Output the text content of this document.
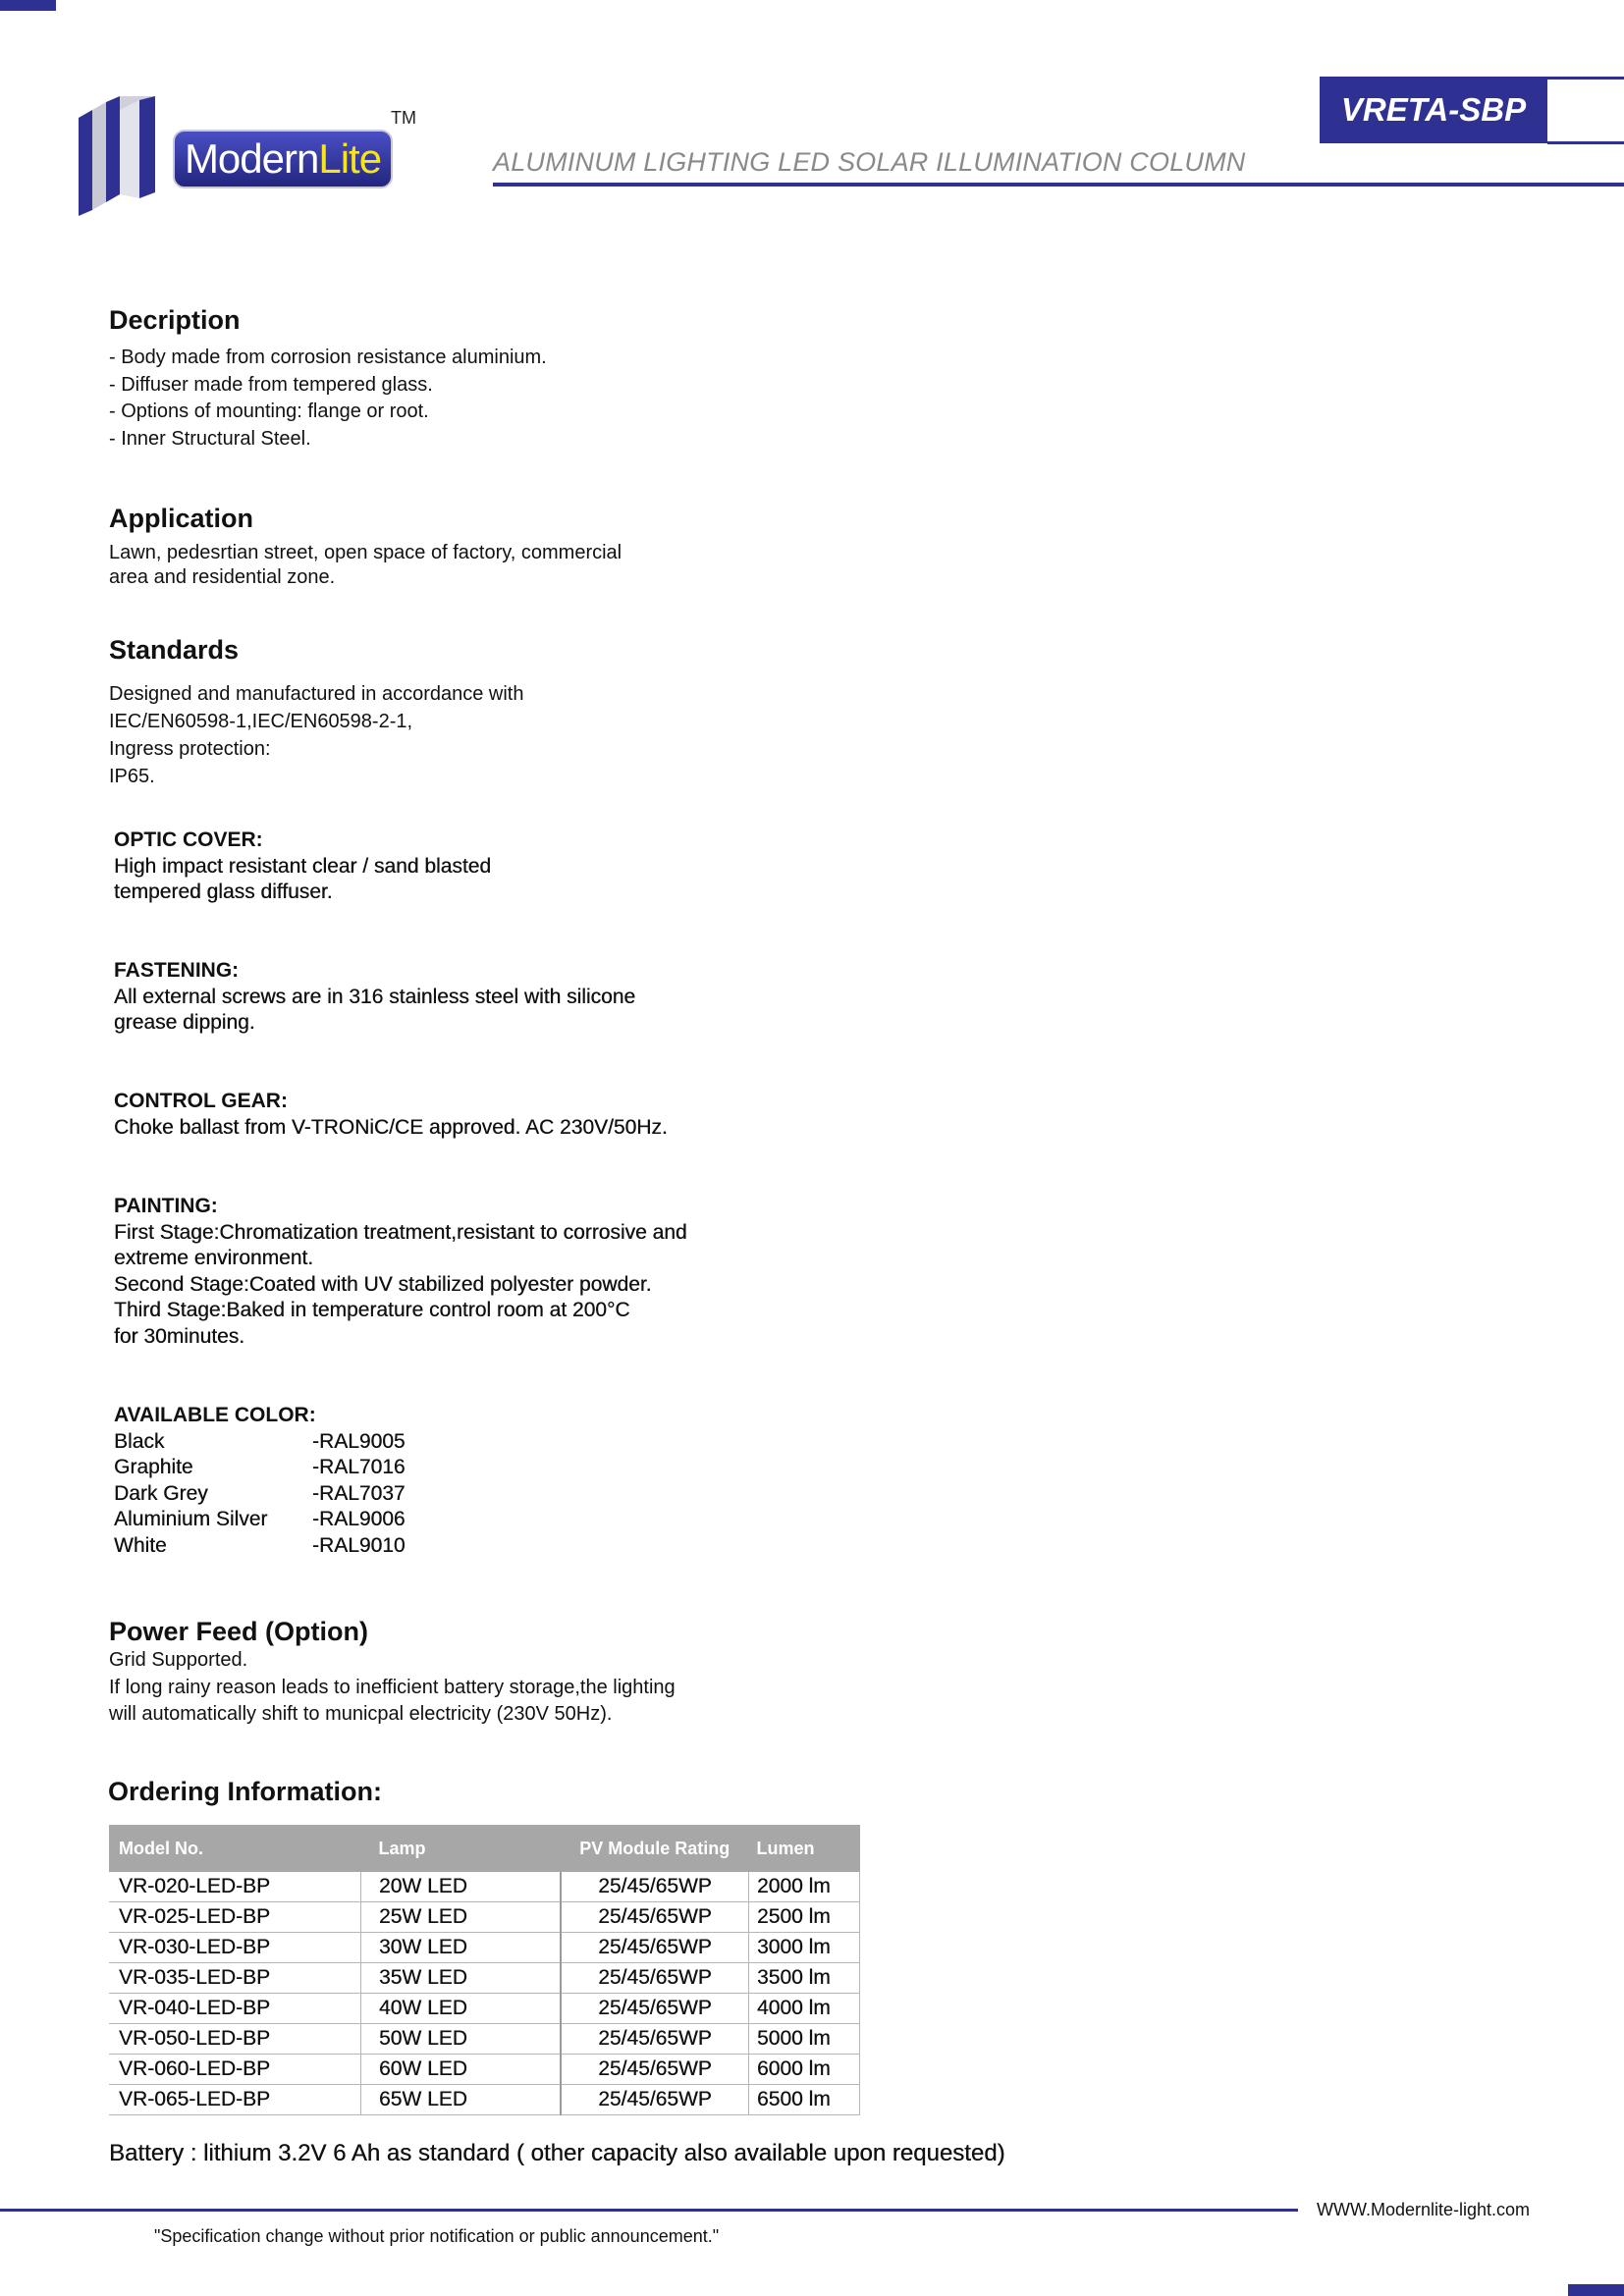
Modern Lite
TM	VRETA-SBP
ALUMINUM LIGHTING LED SOLAR ILLUMINATION COLUMN
Decription
- Body made from corrosion resistance aluminium.
- Diffuser made from tempered glass.
- Options of mounting: flange or root.
- Inner Structural Steel.
Application
Lawn, pedesrtian street, open space of factory, commercial
area and residential zone.
Standards
Designed and manufactured in accordance with
IEC/EN60598-1,IEC/EN60598-2-1,
Ingress protection:
IP65.
OPTIC COVER:
High impact resistant clear / sand blasted
tempered glass diffuser.
FASTENING:
All external screws are in 316 stainless steel with silicone
grease dipping.
CONTROL GEAR:
Choke ballast from V-TRONiC/CE approved. AC 230V/50Hz.
PAINTING:
First Stage:Chromatization treatment,resistant to corrosive and
extreme environment.
Second Stage:Coated with UV stabilized polyester powder.
Third Stage:Baked in temperature control room at 200°C
for 30minutes.
AVAILABLE COLOR:
Black	-RAL9005
Graphite	-RAL7016
Dark Grey	-RAL7037
Aluminium Silver	-RAL9006
White	-RAL9010
Power Feed (Option)
Grid Supported.
If long rainy reason leads to inefficient battery storage,the lighting
will automatically shift to municpal electricity (230V 50Hz).
Ordering Information:
Model No.	Lamp	PV Module Rating	Lumen
VR-020-LED-BP	20W LED	25/45/65WP	2000 lm
VR-025-LED-BP	25W LED	25/45/65WP	2500 lm
VR-030-LED-BP	30W LED	25/45/65WP	3000 lm
VR-035-LED-BP	35W LED	25/45/65WP	3500 lm
VR-040-LED-BP	40W LED	25/45/65WP	4000 lm
VR-050-LED-BP	50W LED	25/45/65WP	5000 lm
VR-060-LED-BP	60W LED	25/45/65WP	6000 lm
VR-065-LED-BP	65W LED	25/45/65WP	6500 lm
Battery : lithium 3.2V 6 Ah as standard ( other capacity also available upon requested)
WWW.Modernlite-light.com
"Specification change without prior notification or public announcement."
